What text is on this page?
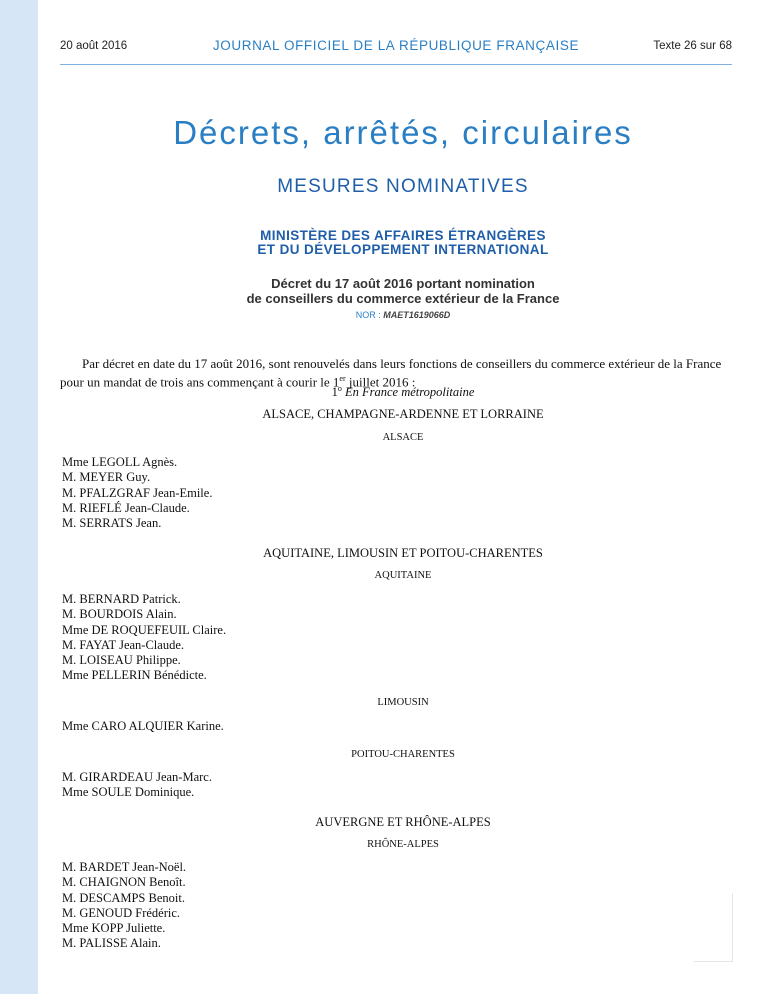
20 août 2016	JOURNAL OFFICIEL DE LA RÉPUBLIQUE FRANÇAISE	Texte 26 sur 68
Décrets, arrêtés, circulaires
MESURES NOMINATIVES
MINISTÈRE DES AFFAIRES ÉTRANGÈRES
ET DU DÉVELOPPEMENT INTERNATIONAL
Décret du 17 août 2016 portant nomination
de conseillers du commerce extérieur de la France
NOR : MAET1619066D

Par décret en date du 17 août 2016, sont renouvelés dans leurs fonctions de conseillers du commerce extérieur de la France pour un mandat de trois ans commençant à courir le 1er juillet 2016 :

1$^o$ En France métropolitaine
ALSACE, CHAMPAGNE-ARDENNE ET LORRAINE
ALSACE
Mme LEGOLL Agnès.
M. MEYER Guy.
M. PFALZGRAF Jean-Emile.
M. RIEFLÉ Jean-Claude.
M. SERRATS Jean.
AQUITAINE, LIMOUSIN ET POITOU-CHARENTES
AQUITAINE
M. BERNARD Patrick.
M. BOURDOIS Alain.
Mme DE ROQUEFEUIL Claire.
M. FAYAT Jean-Claude.
M. LOISEAU Philippe.
Mme PELLERIN Bénédicte.
LIMOUSIN
Mme CARO ALQUIER Karine.
POITOU-CHARENTES
M. GIRARDEAU Jean-Marc.
Mme SOULE Dominique.
AUVERGNE ET RHÔNE-ALPES
RHÔNE-ALPES
M. BARDET Jean-Noël.
M. CHAIGNON Benoît.
M. DESCAMPS Benoit.
M. GENOUD Frédéric.
Mme KOPP Juliette.
M. PALISSE Alain.
